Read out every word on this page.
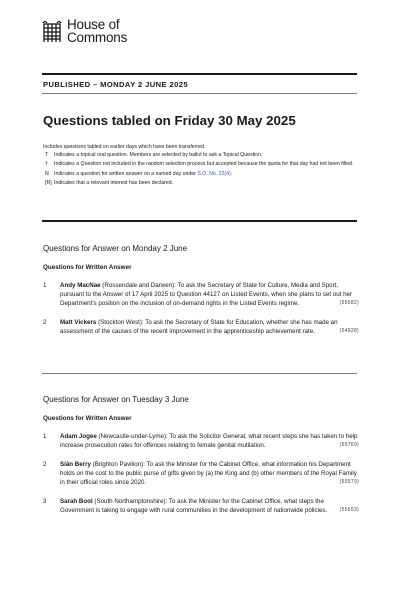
House of
Commons
PUBLISHED – MONDAY 2 JUNE 2025
Questions tabled on Friday 30 May 2025
Includes questions tabled on earlier days which have been transferred.
T	Indicates a topical oral question. Members are selected by ballot to ask a Topical Question.
†	Indicates a Question not included in the random selection process but accepted because the quota for that day had not been filled.
N	Indicates a question for written answer on a named day under S.O. No. 22(4).
[R] Indicates that a relevant interest has been declared.
Questions for Answer on Monday 2 June
Questions for Written Answer
1	Andy MacNae (Rossendale and Darwen): To ask the Secretary of State for Culture, Media and Sport, pursuant to the Answer of 17 April 2025 to Question 44127 on Listed Events, when she plans to set out her Department's position on the inclusion of on-demand rights in the Listed Events regime.	(55582)
2	Matt Vickers (Stockton West): To ask the Secretary of State for Education, whether she has made an assessment of the causes of the recent improvement in the apprenticeship achievement rate.	(54928)
Questions for Answer on Tuesday 3 June
Questions for Written Answer
1	Adam Jogee (Newcastle-under-Lyme): To ask the Solicitor General, what recent steps she has taken to help increase prosecution rates for offences relating to female genital mutilation.	(55769)
2	Siân Berry (Brighton Pavilion): To ask the Minister for the Cabinet Office, what information his Department holds on the cost to the public purse of gifts given by (a) the King and (b) other members of the Royal Family in their official roles since 2020.	(55579)
3	Sarah Bool (South Northamptonshire): To ask the Minister for the Cabinet Office, what steps the Government is taking to engage with rural communities in the development of nationwide policies. (55653)
